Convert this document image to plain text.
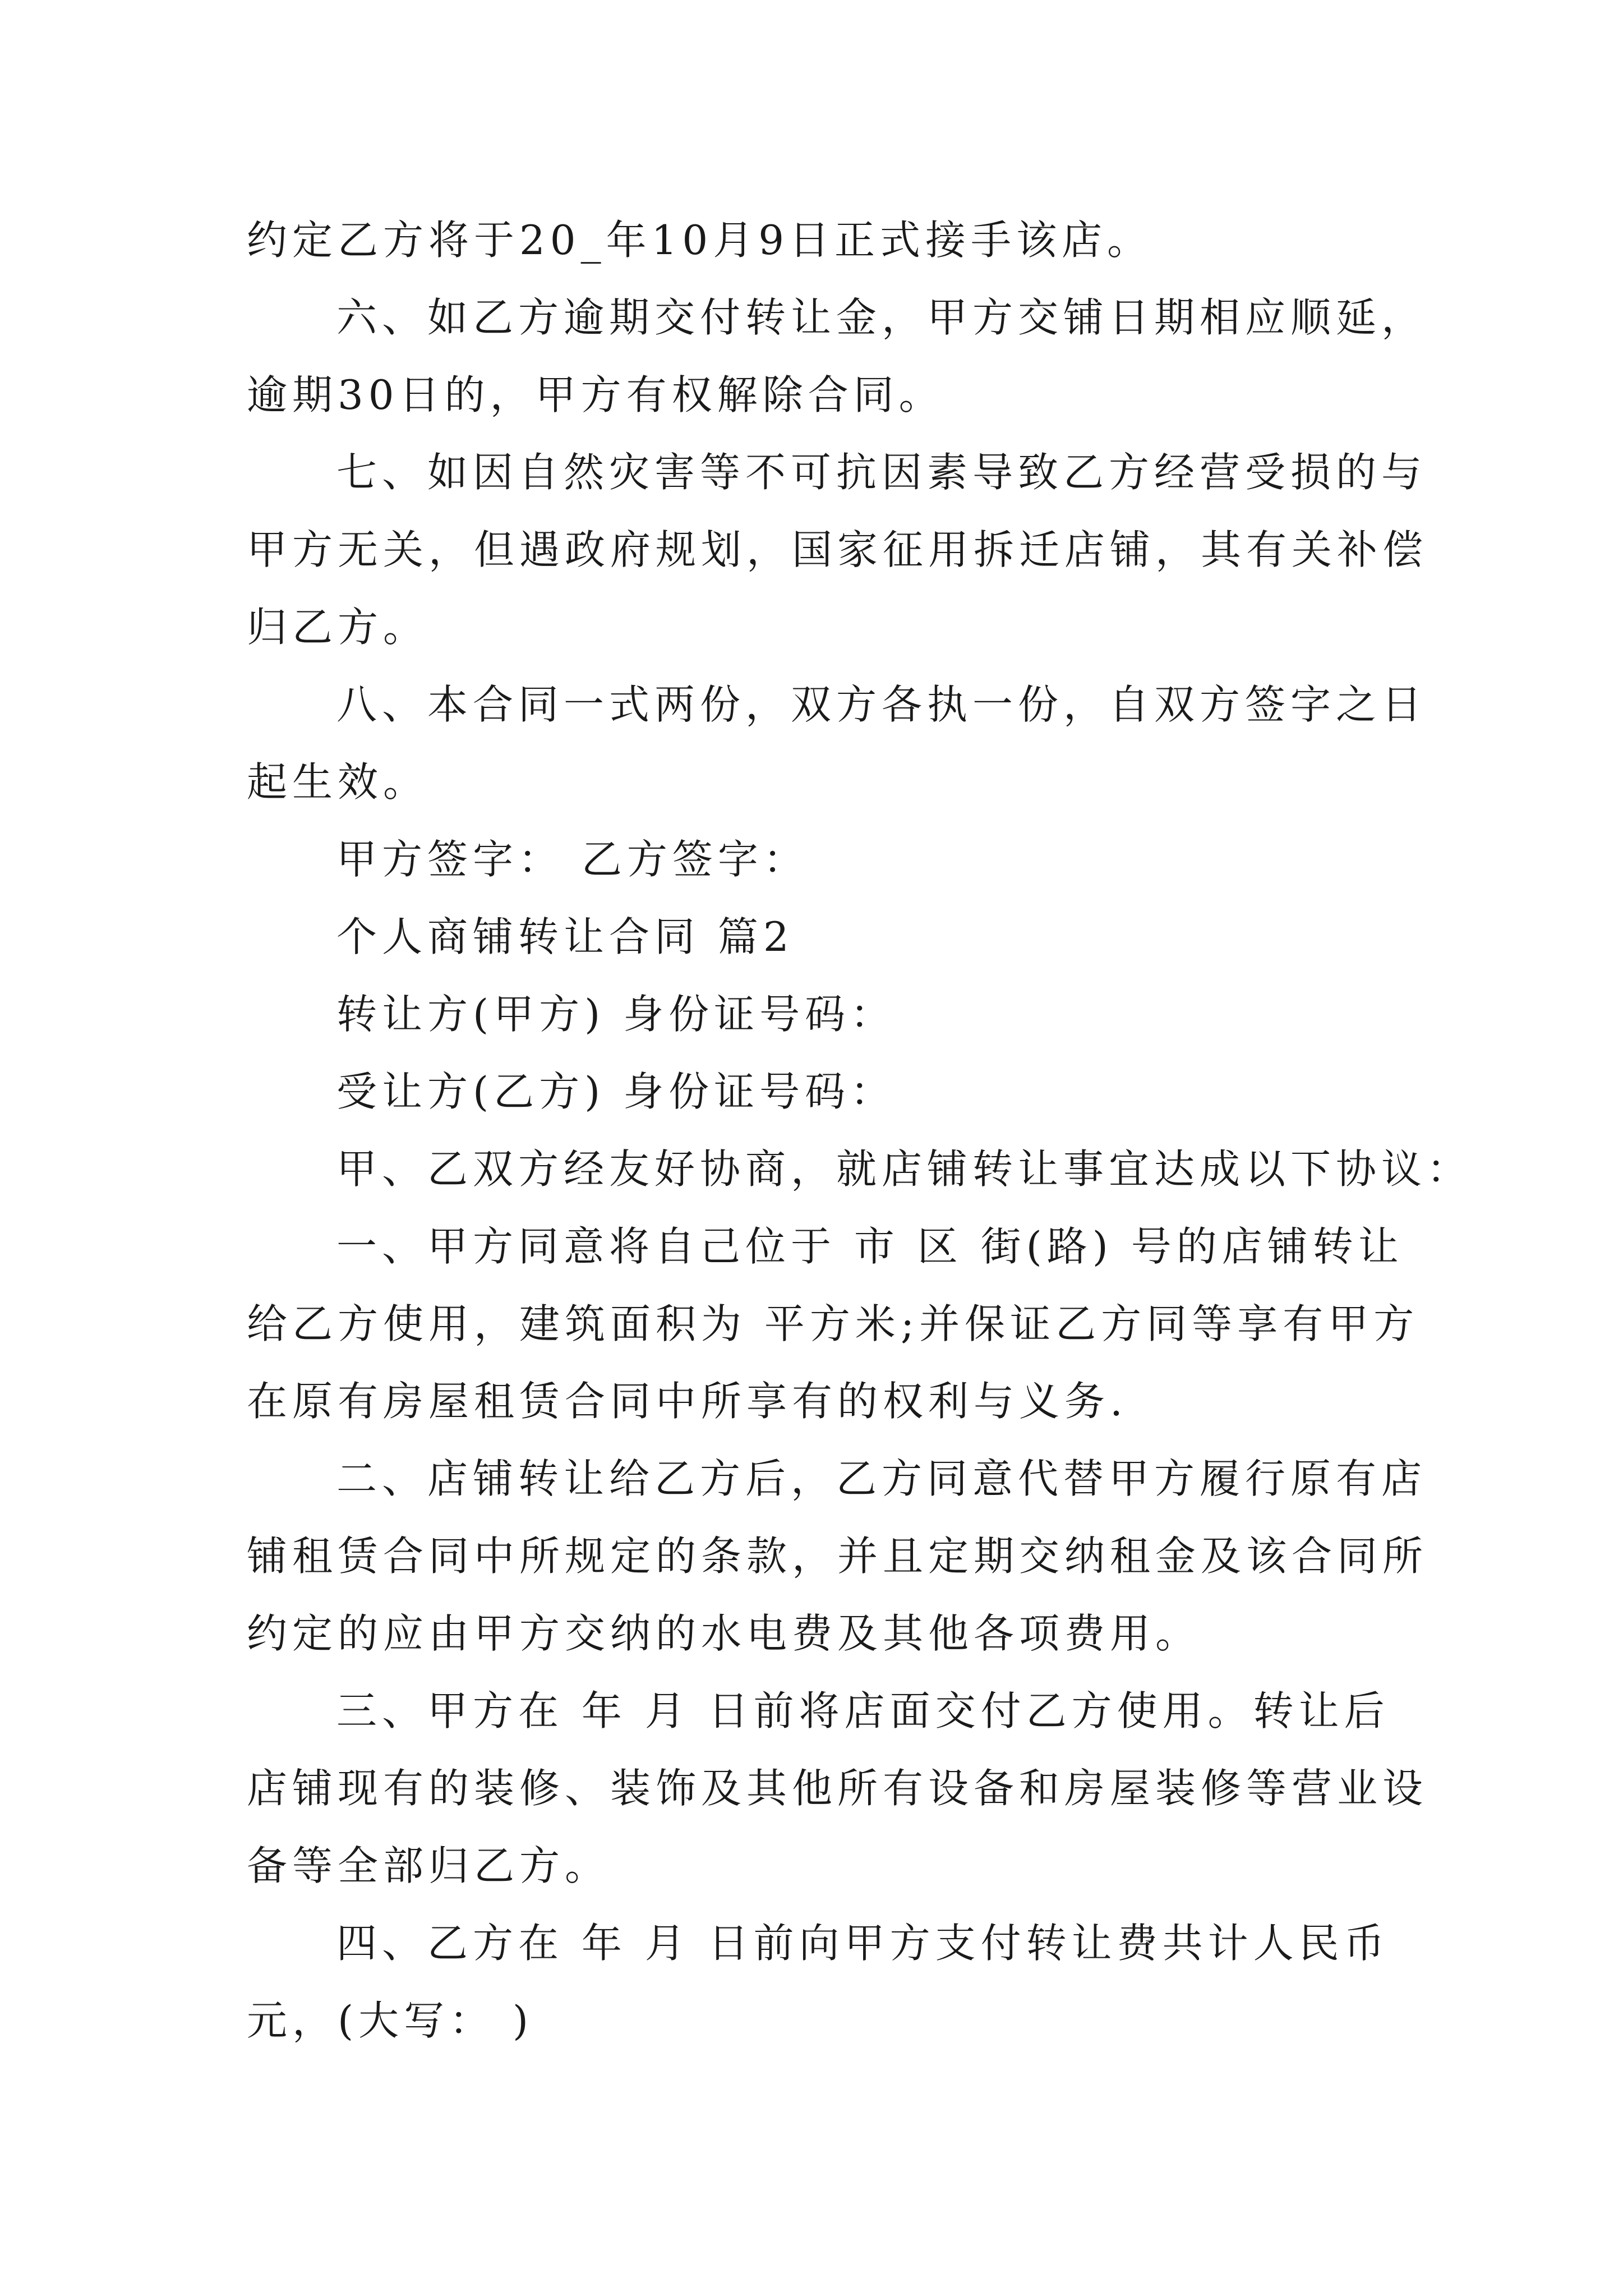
约定乙方将于20_年10月9日正式接手该店。
六、如乙方逾期交付转让金，甲方交铺日期相应顺延，
逾期30日的，甲方有权解除合同。
七、如因自然灾害等不可抗因素导致乙方经营受损的与
甲方无关，但遇政府规划，国家征用拆迁店铺，其有关补偿
归乙方。
八、本合同一式两份，双方各执一份，自双方签字之日
起生效。
甲方签字： 乙方签字：
个人商铺转让合同 篇2
转让方(甲方) 身份证号码：
受让方(乙方) 身份证号码：
甲、乙双方经友好协商，就店铺转让事宜达成以下协议：
一、甲方同意将自己位于 市 区 街(路) 号的店铺转让
给乙方使用，建筑面积为 平方米;并保证乙方同等享有甲方
在原有房屋租赁合同中所享有的权利与义务.
二、店铺转让给乙方后，乙方同意代替甲方履行原有店
铺租赁合同中所规定的条款，并且定期交纳租金及该合同所
约定的应由甲方交纳的水电费及其他各项费用。
三、甲方在 年 月 日前将店面交付乙方使用。转让后
店铺现有的装修、装饰及其他所有设备和房屋装修等营业设
备等全部归乙方。
四、乙方在 年 月 日前向甲方支付转让费共计人民币
元，(大写： )
